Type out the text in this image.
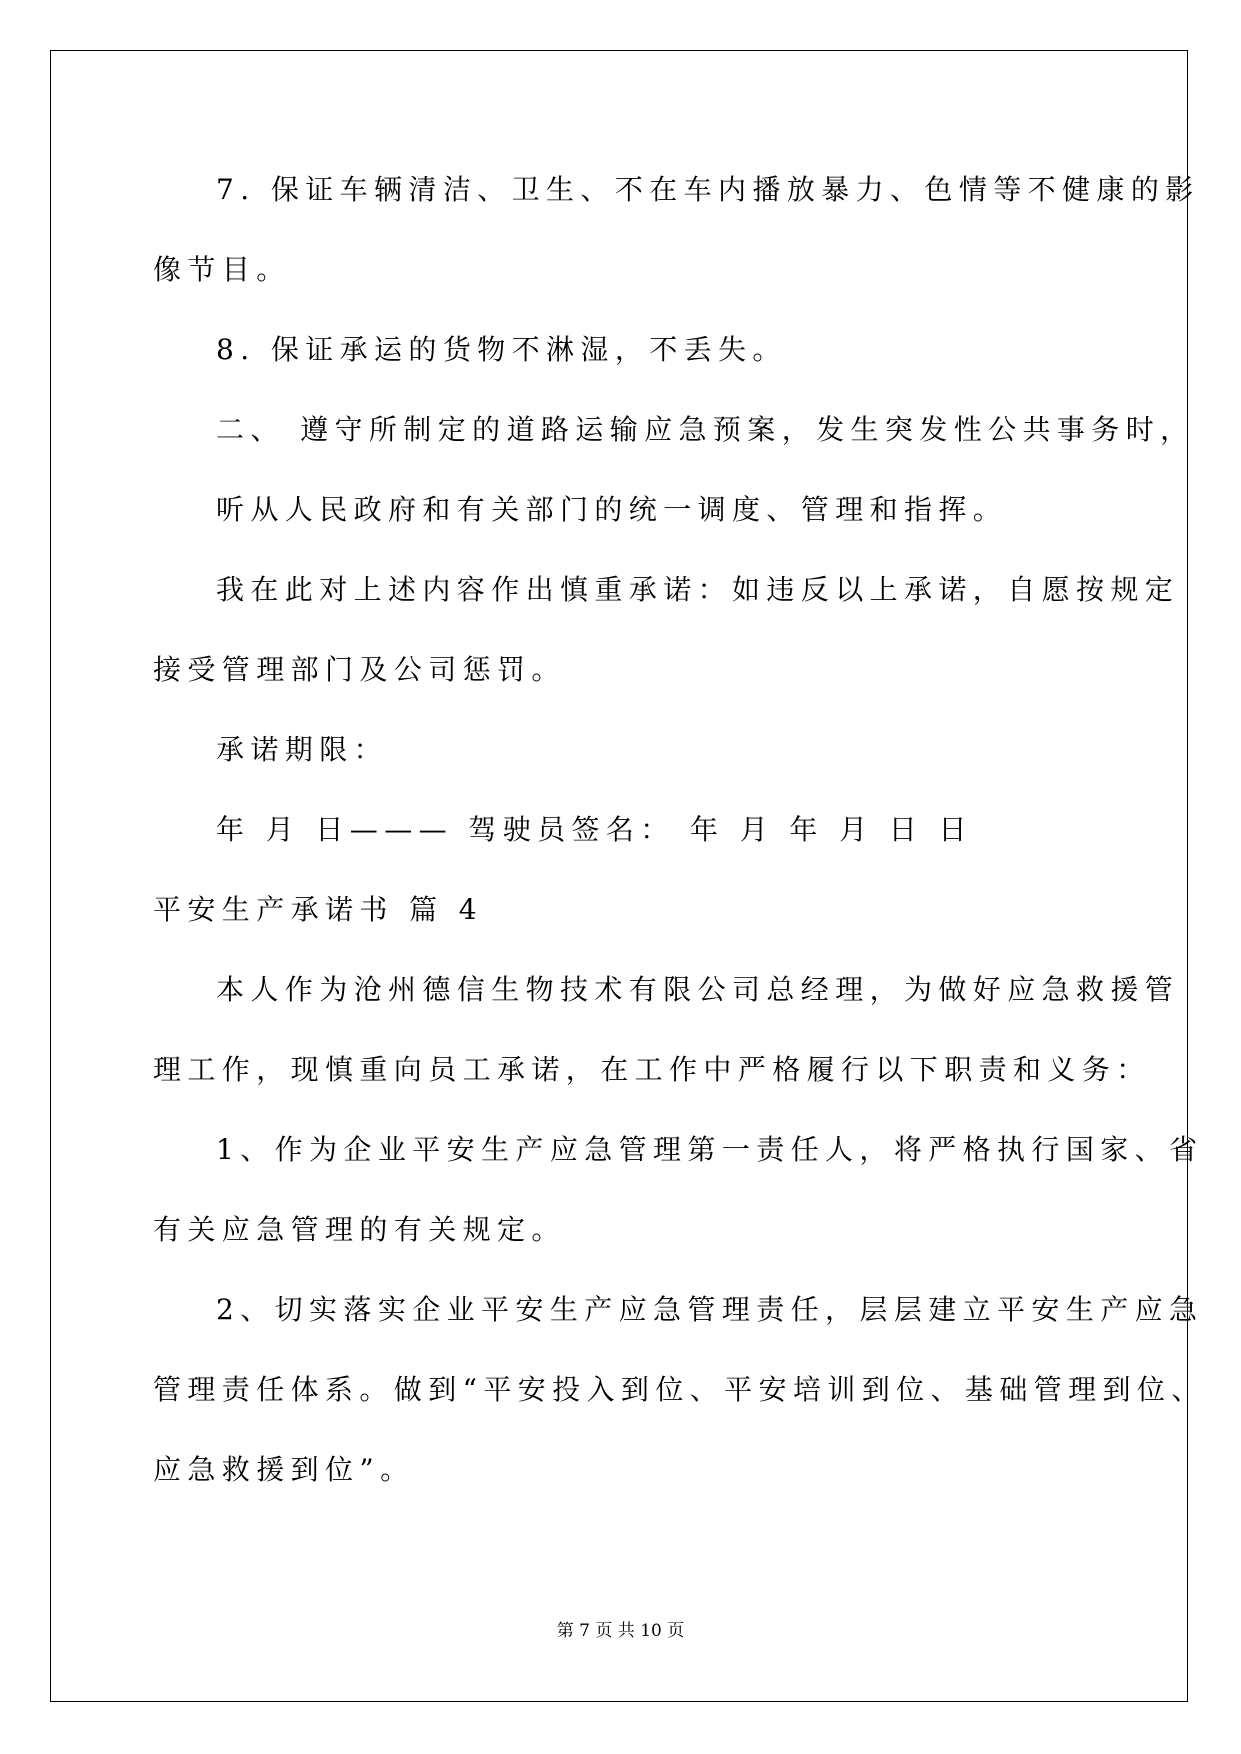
7. 保证车辆清洁、卫生、不在车内播放暴力、色情等不健康的影
像节目。
8. 保证承运的货物不淋湿，不丢失。
二、 遵守所制定的道路运输应急预案，发生突发性公共事务时，
听从人民政府和有关部门的统一调度、管理和指挥。
我在此对上述内容作出慎重承诺：如违反以上承诺，自愿按规定
接受管理部门及公司惩罚。
承诺期限：
年 月 日——— 驾驶员签名： 年 月 年 月 日 日
平安生产承诺书 篇 4
本人作为沧州德信生物技术有限公司总经理，为做好应急救援管
理工作，现慎重向员工承诺，在工作中严格履行以下职责和义务：
1、作为企业平安生产应急管理第一责任人，将严格执行国家、省
有关应急管理的有关规定。
2、切实落实企业平安生产应急管理责任，层层建立平安生产应急
管理责任体系。做到“平安投入到位、平安培训到位、基础管理到位、
应急救援到位”。
第 7 页 共 10 页
